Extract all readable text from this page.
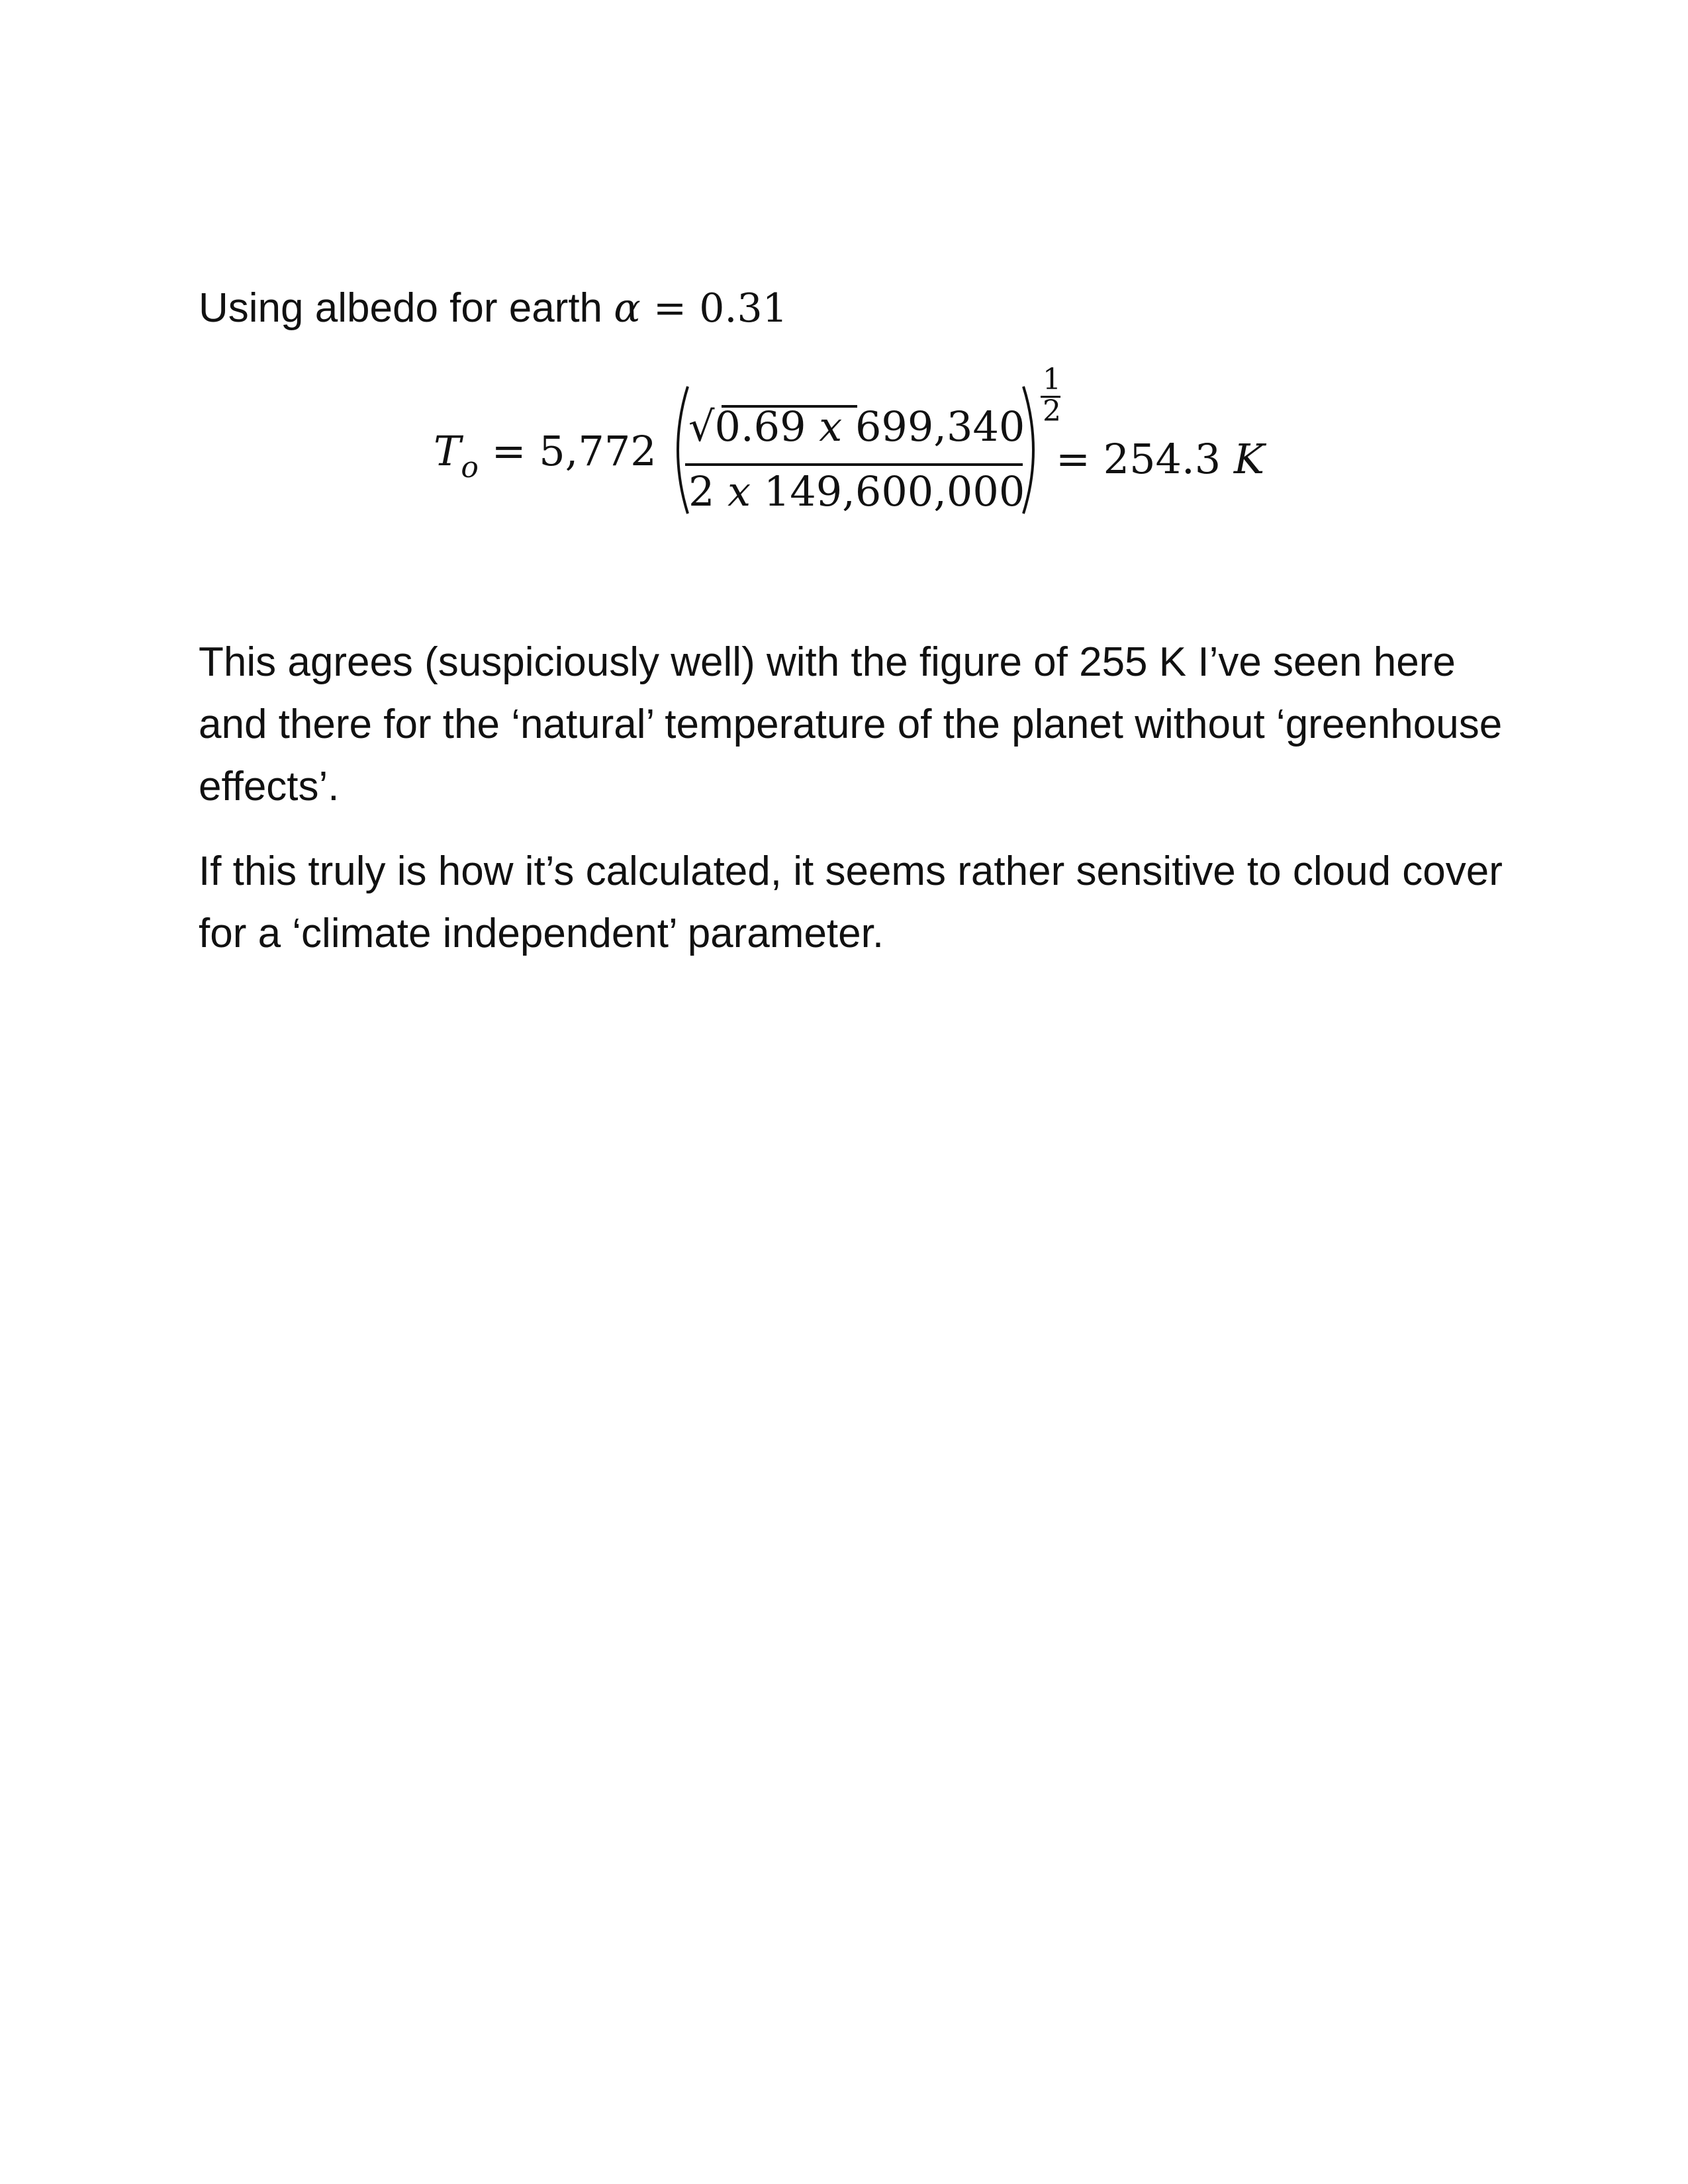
Using albedo for earth α = 0.31
$T_o = 5,772$
√0.69 x 699,340
2 x 149,600,000
1
2
= 254.3 K

This agrees (suspiciously well) with the figure of 255 K I’ve seen here and there for the ‘natural’ temperature of the planet without ‘greenhouse effects’.

If this truly is how it’s calculated, it seems rather sensitive to cloud cover for a ‘climate independent’ parameter.
